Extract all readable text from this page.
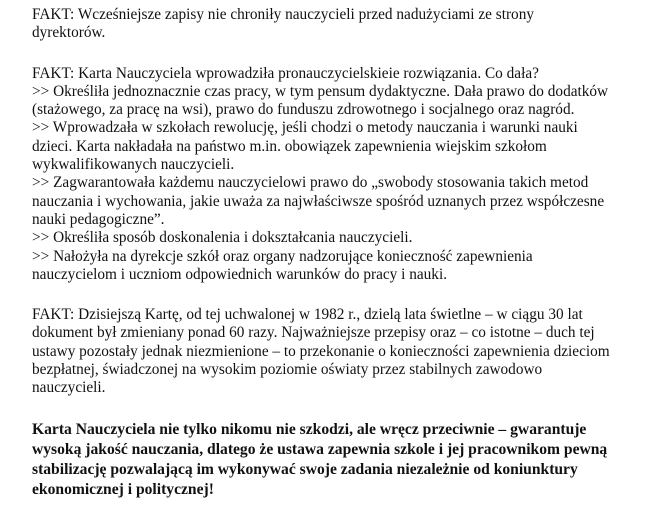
FAKT: Wcześniejsze zapisy nie chroniły nauczycieli przed nadużyciami ze strony
dyrektorów.
FAKT: Karta Nauczyciela wprowadziła pronauczycielskieie rozwiązania. Co dała?
>> Określiła jednoznacznie czas pracy, w tym pensum dydaktyczne. Dała prawo do dodatków
(stażowego, za pracę na wsi), prawo do funduszu zdrowotnego i socjalnego oraz nagród.
>> Wprowadzała w szkołach rewolucję, jeśli chodzi o metody nauczania i warunki nauki
dzieci. Karta nakładała na państwo m.in. obowiązek zapewnienia wiejskim szkołom
wykwalifikowanych nauczycieli.
>> Zagwarantowała każdemu nauczycielowi prawo do „swobody stosowania takich metod
nauczania i wychowania, jakie uważa za najwłaściwsze spośród uznanych przez współczesne
nauki pedagogiczne”.
>> Określiła sposób doskonalenia i dokształcania nauczycieli.
>> Nałożyła na dyrekcje szkół oraz organy nadzorujące konieczność zapewnienia
nauczycielom i uczniom odpowiednich warunków do pracy i nauki.
FAKT: Dzisiejszą Kartę, od tej uchwalonej w 1982 r., dzielą lata świetlne – w ciągu 30 lat
dokument był zmieniany ponad 60 razy. Najważniejsze przepisy oraz – co istotne – duch tej
ustawy pozostały jednak niezmienione – to przekonanie o konieczności zapewnienia dzieciom
bezpłatnej, świadczonej na wysokim poziomie oświaty przez stabilnych zawodowo
nauczycieli.
Karta Nauczyciela nie tylko nikomu nie szkodzi, ale wręcz przeciwnie – gwarantuje
wysoką jakość nauczania, dlatego że ustawa zapewnia szkole i jej pracownikom pewną
stabilizację pozwalającą im wykonywać swoje zadania niezależnie od koniunktury
ekonomicznej i politycznej!
